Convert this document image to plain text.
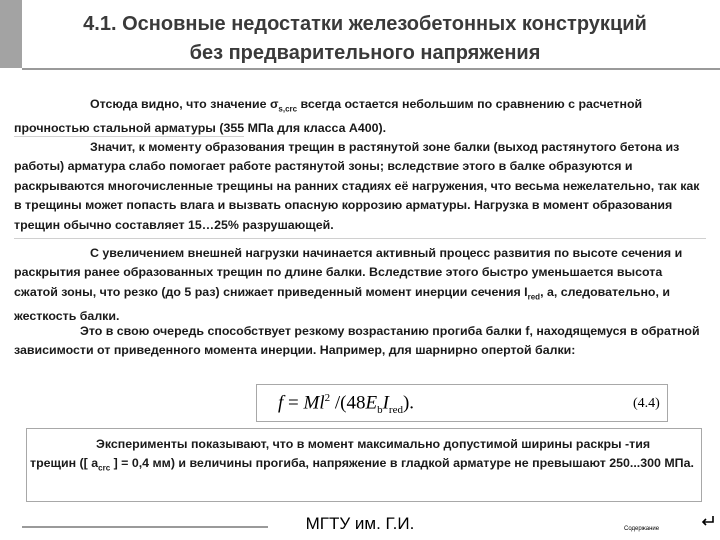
4.1. Основные недостатки железобетонных конструкций
без предварительного напряжения

Отсюда видно, что значение $\sigma_{s,crc}$ всегда остается небольшим по сравнению с расчетной прочностью стальной арматуры (355 МПа для класса А400).

Значит, к моменту образования трещин в растянутой зоне балки (выход растянутого бетона из работы) арматура слабо помогает работе растянутой зоны; вследствие этого в балке образуются и раскрываются многочисленные трещины на ранних стадиях её нагружения, что весьма нежелательно, так как в трещины может попасть влага и вызвать опасную коррозию арматуры. Нагрузка в момент образования трещин обычно составляет 15…25% разрушающей.

С увеличением внешней нагрузки начинается активный процесс развития по высоте сечения и раскрытия ранее образованных трещин по длине балки. Вследствие этого быстро уменьшается высота сжатой зоны, что резко (до 5 раз) снижает приведенный момент инерции сечения $I_{red}$, а, следовательно, и жесткость балки.

Это в свою очередь способствует резкому возрастанию прогиба балки f, находящемуся в обратной зависимости от приведенного момента инерции. Например, для шарнирно опертой балки:

$f = Ml^2$ $/(48E_bI_{red})$.	(4.4)

Эксперименты показывают, что в момент максимально допустимой ширины раскры -тия трещин ([ $a_{crc}$ ] = 0,4 мм) и величины прогиба, напряжение в гладкой арматуре не превышают 250...300 МПа.

МГТУ им. Г.И.	Содержание
